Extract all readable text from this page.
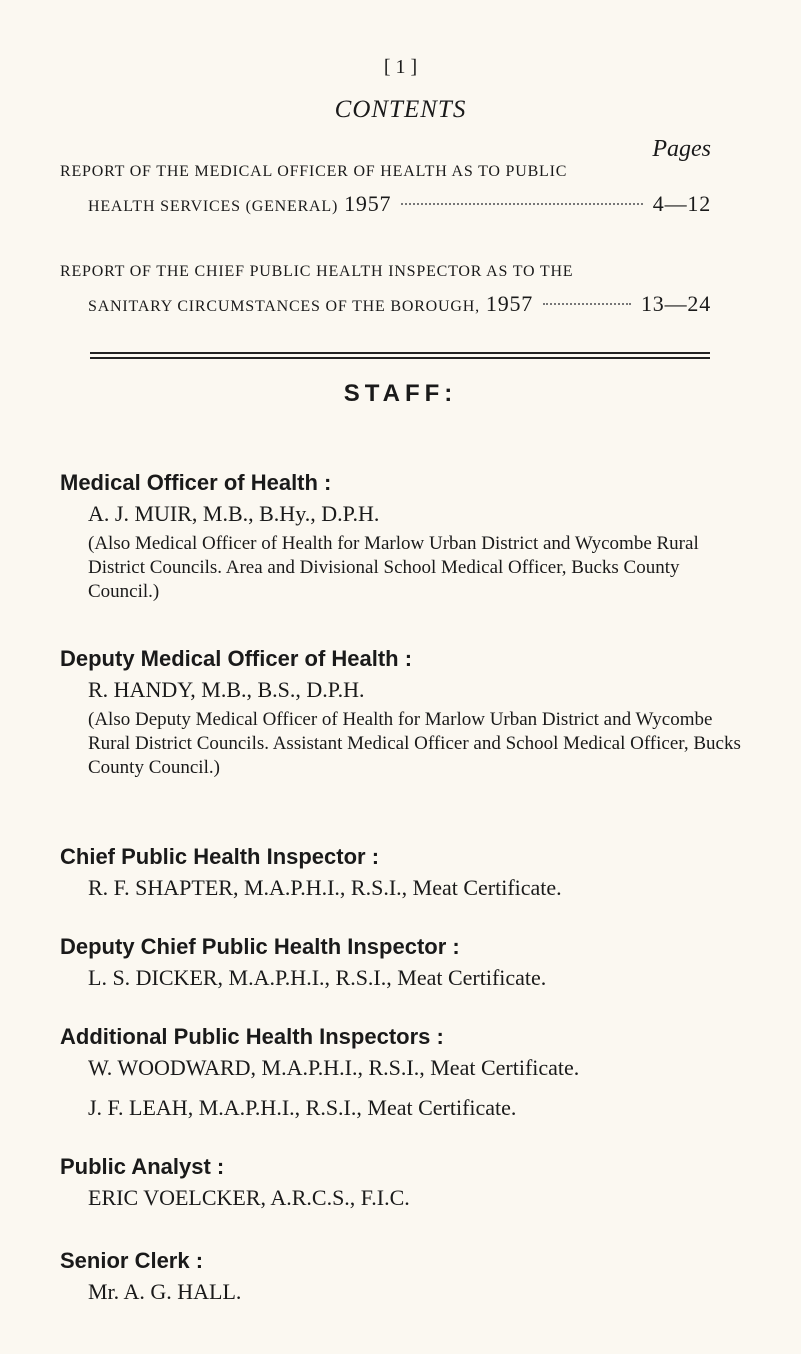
[ 1 ]
CONTENTS
Pages
REPORT OF THE MEDICAL OFFICER OF HEALTH AS TO PUBLIC
HEALTH SERVICES (GENERAL) 1957	4—12
REPORT OF THE CHIEF PUBLIC HEALTH INSPECTOR AS TO THE
SANITARY CIRCUMSTANCES OF THE BOROUGH, 1957	13—24
STAFF:
Medical Officer of Health :
A. J. MUIR, M.B., B.Hy., D.P.H.
(Also Medical Officer of Health for Marlow Urban District and Wycombe Rural District Councils. Area and Divisional School Medical Officer, Bucks County Council.)
Deputy Medical Officer of Health :
R. HANDY, M.B., B.S., D.P.H.
(Also Deputy Medical Officer of Health for Marlow Urban District and Wycombe Rural District Councils. Assistant Medical Officer and School Medical Officer, Bucks County Council.)
Chief Public Health Inspector :
R. F. SHAPTER, M.A.P.H.I., R.S.I., Meat Certificate.
Deputy Chief Public Health Inspector :
L. S. DICKER, M.A.P.H.I., R.S.I., Meat Certificate.
Additional Public Health Inspectors :
W. WOODWARD, M.A.P.H.I., R.S.I., Meat Certificate.
J. F. LEAH, M.A.P.H.I., R.S.I., Meat Certificate.
Public Analyst :
ERIC VOELCKER, A.R.C.S., F.I.C.
Senior Clerk :
Mr. A. G. HALL.
